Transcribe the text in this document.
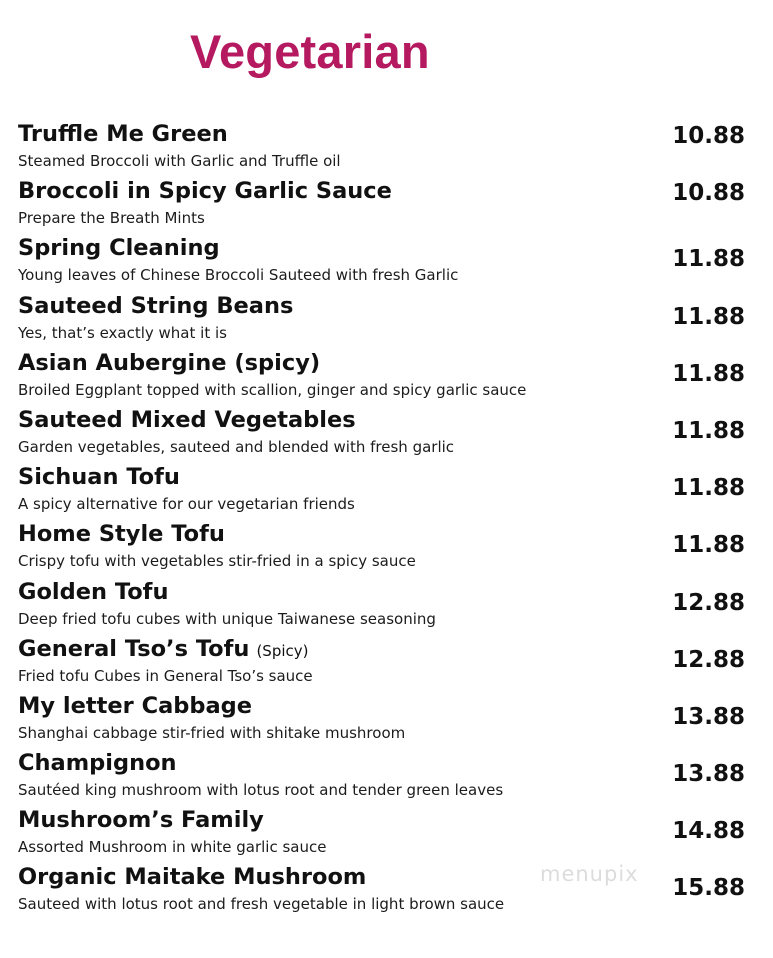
Vegetarian
Truffle Me Green
Steamed Broccoli with Garlic and Truffle oil
10.88
Broccoli in Spicy Garlic Sauce
Prepare the Breath Mints
10.88
Spring Cleaning
Young leaves of Chinese Broccoli Sauteed with fresh Garlic
11.88
Sauteed String Beans
Yes, that’s exactly what it is
11.88
Asian Aubergine (spicy)
Broiled Eggplant topped with scallion, ginger and spicy garlic sauce
11.88
Sauteed Mixed Vegetables
Garden vegetables, sauteed and blended with fresh garlic
11.88
Sichuan Tofu
A spicy alternative for our vegetarian friends
11.88
Home Style Tofu
Crispy tofu with vegetables stir-fried in a spicy sauce
11.88
Golden Tofu
Deep fried tofu cubes with unique Taiwanese seasoning
12.88
General Tso’s Tofu (Spicy)
Fried tofu Cubes in General Tso’s sauce
12.88
My letter Cabbage
Shanghai cabbage stir-fried with shitake mushroom
13.88
Champignon
Sautéed king mushroom with lotus root and tender green leaves
13.88
Mushroom’s Family
Assorted Mushroom in white garlic sauce
14.88
Organic Maitake Mushroom
Sauteed with lotus root and fresh vegetable in light brown sauce
15.88
menupix
